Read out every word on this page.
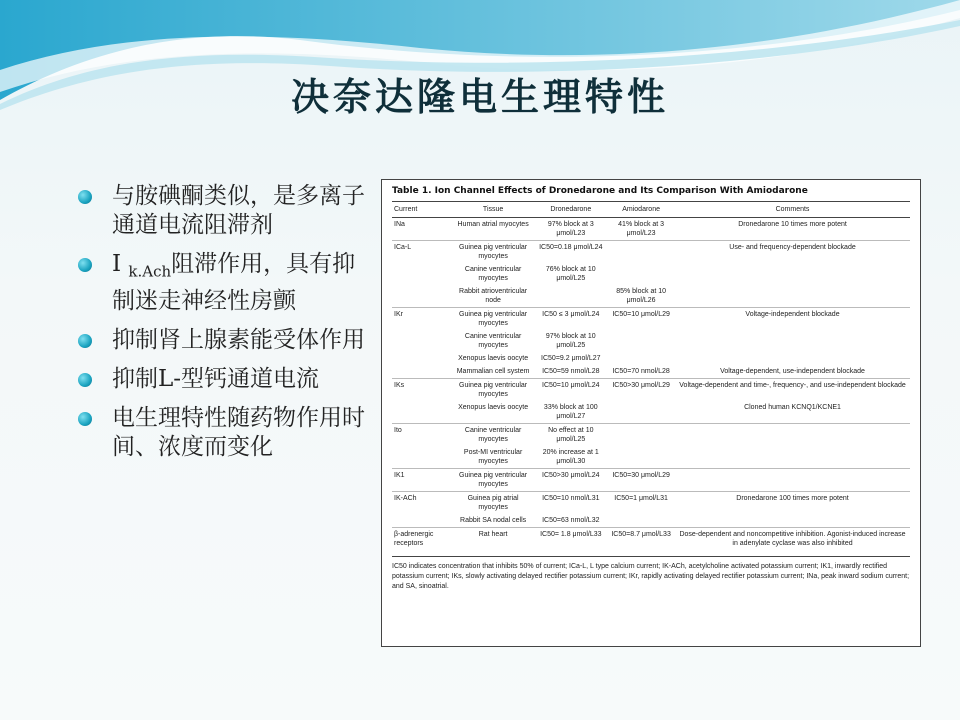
决奈达隆电生理特性
与胺碘酮类似，是多离子通道电流阻滞剂
I $_{k.Ach}$阻滞作用，具有抑制迷走神经性房颤
抑制肾上腺素能受体作用
抑制L-型钙通道电流
电生理特性随药物作用时间、浓度而变化
Table 1. Ion Channel Effects of Dronedarone and Its Comparison With Amiodarone
Current	Tissue	Dronedarone	Amiodarone	Comments
INa	Human atrial myocytes	97% block at 3 μmol/L23	41% block at 3 μmol/L23	Dronedarone 10 times more potent
ICa-L	Guinea pig ventricular myocytes	IC50=0.18 μmol/L24		Use- and frequency-dependent blockade
	Canine ventricular myocytes	76% block at 10 μmol/L25		
	Rabbit atrioventricular node		85% block at 10 μmol/L26	
IKr	Guinea pig ventricular myocytes	IC50 ≤ 3 μmol/L24	IC50=10 μmol/L29	Voltage-independent blockade
	Canine ventricular myocytes	97% block at 10 μmol/L25		
	Xenopus laevis oocyte	IC50=9.2 μmol/L27		
	Mammalian cell system	IC50=59 nmol/L28	IC50=70 nmol/L28	Voltage-dependent, use-independent blockade
IKs	Guinea pig ventricular myocytes	IC50=10 μmol/L24	IC50>30 μmol/L29	Voltage-dependent and time-, frequency-, and use-independent blockade
	Xenopus laevis oocyte	33% block at 100 μmol/L27		Cloned human KCNQ1/KCNE1
Ito	Canine ventricular myocytes	No effect at 10 μmol/L25		
	Post-MI ventricular myocytes	20% increase at 1 μmol/L30		
IK1	Guinea pig ventricular myocytes	IC50>30 μmol/L24	IC50=30 μmol/L29	
IK-ACh	Guinea pig atrial myocytes	IC50=10 nmol/L31	IC50=1 μmol/L31	Dronedarone 100 times more potent
	Rabbit SA nodal cells	IC50=63 nmol/L32		
β-adrenergic receptors	Rat heart	IC50= 1.8 μmol/L33	IC50=8.7 μmol/L33	Dose-dependent and noncompetitive inhibition. Agonist-induced increase in adenylate cyclase was also inhibited
IC50 indicates concentration that inhibits 50% of current; ICa-L, L type calcium current; IK-ACh, acetylcholine activated potassium current; IK1, inwardly rectified potassium current; IKs, slowly activating delayed rectifier potassium current; IKr, rapidly activating delayed rectifier potassium current; INa, peak inward sodium current; and SA, sinoatrial.
